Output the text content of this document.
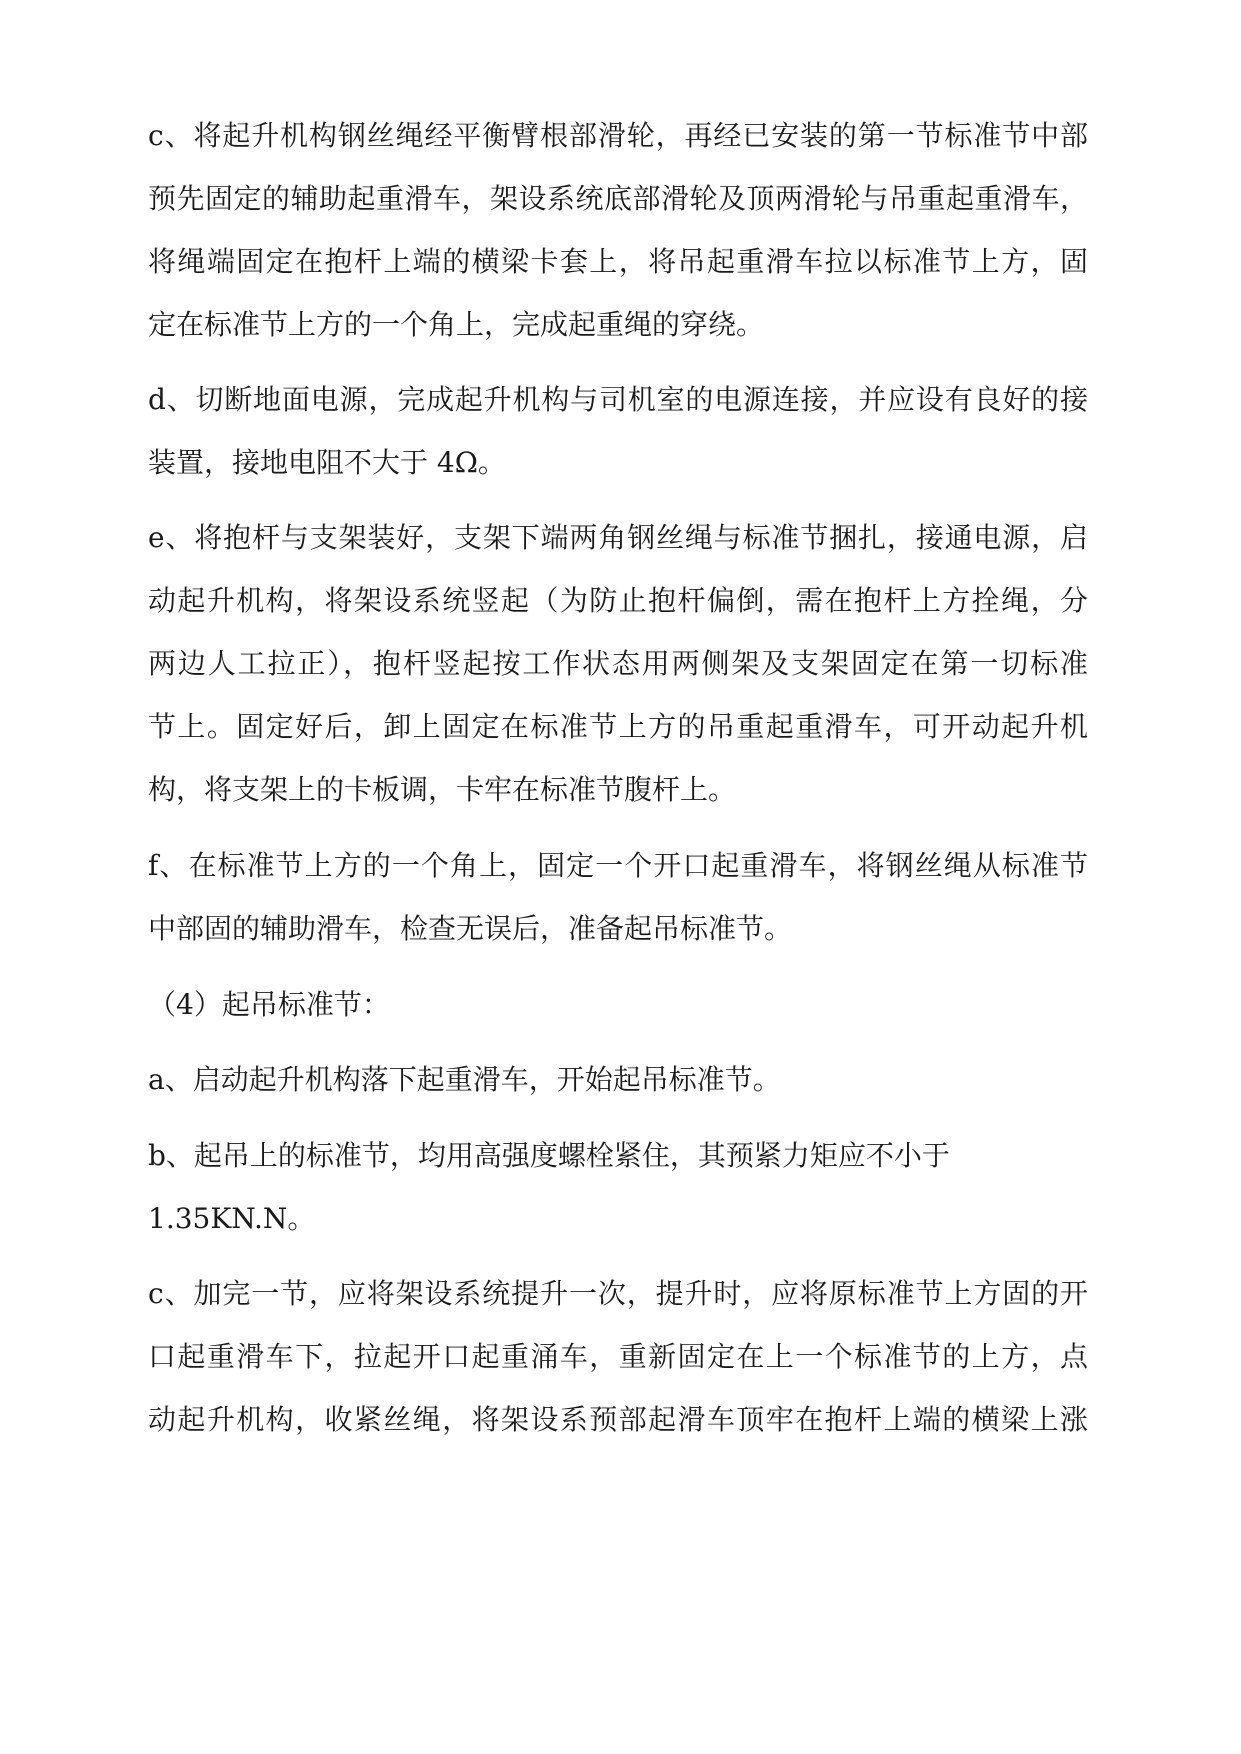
c、将起升机构钢丝绳经平衡臂根部滑轮，再经已安装的第一节标准节中部
预先固定的辅助起重滑车，架设系统底部滑轮及顶两滑轮与吊重起重滑车，
将绳端固定在抱杆上端的横梁卡套上，将吊起重滑车拉以标准节上方，固
定在标准节上方的一个角上，完成起重绳的穿绕。
d、切断地面电源，完成起升机构与司机室的电源连接，并应设有良好的接
装置，接地电阻不大于 4Ω。
e、将抱杆与支架装好，支架下端两角钢丝绳与标准节捆扎，接通电源，启
动起升机构，将架设系统竖起（为防止抱杆偏倒，需在抱杆上方拴绳，分
两边人工拉正），抱杆竖起按工作状态用两侧架及支架固定在第一切标准
节上。固定好后，卸上固定在标准节上方的吊重起重滑车，可开动起升机
构，将支架上的卡板调，卡牢在标准节腹杆上。
f、在标准节上方的一个角上，固定一个开口起重滑车，将钢丝绳从标准节
中部固的辅助滑车，检查无误后，准备起吊标准节。
（4）起吊标准节：
a、启动起升机构落下起重滑车，开始起吊标准节。
b、起吊上的标准节，均用高强度螺栓紧住，其预紧力矩应不小于
1.35KN.N。
c、加完一节，应将架设系统提升一次，提升时，应将原标准节上方固的开
口起重滑车下，拉起开口起重涌车，重新固定在上一个标准节的上方，点
动起升机构，收紧丝绳，将架设系预部起滑车顶牢在抱杆上端的横梁上涨
